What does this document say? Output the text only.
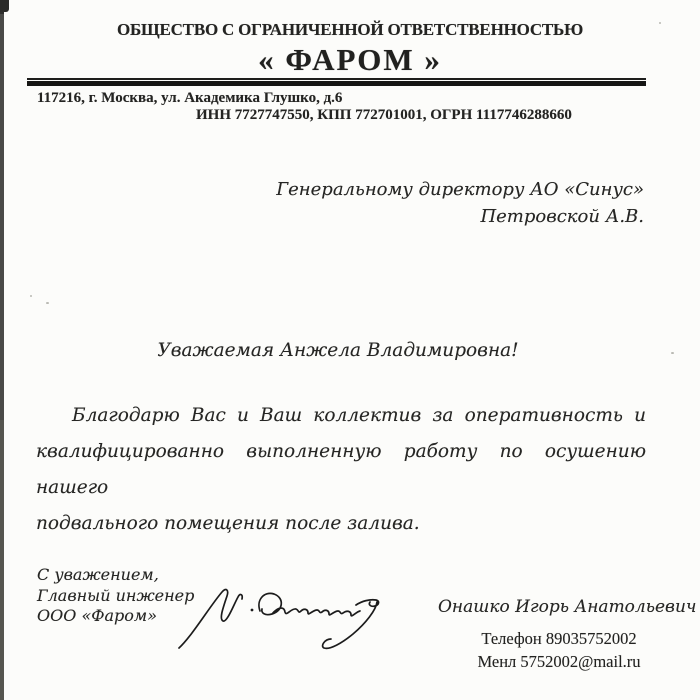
ОБЩЕСТВО С ОГРАНИЧЕННОЙ ОТВЕТСТВЕННОСТЬЮ
« ФАРОМ »
117216, г. Москва, ул. Академика Глушко, д.6
ИНН 7727747550, КПП 772701001, ОГРН 1117746288660
Генеральному директору АО «Синус»
Петровской А.В.
Уважаемая Анжела Владимировна!
Благодарю Вас и Ваш коллектив за оперативность и
квалифицированно выполненную работу по осушению нашего
подвального помещения после залива.
С уважением,
Главный инженер
ООО «Фаром»	Онашко Игорь Анатольевич
Телефон 89035752002
Менл 5752002@mail.ru
